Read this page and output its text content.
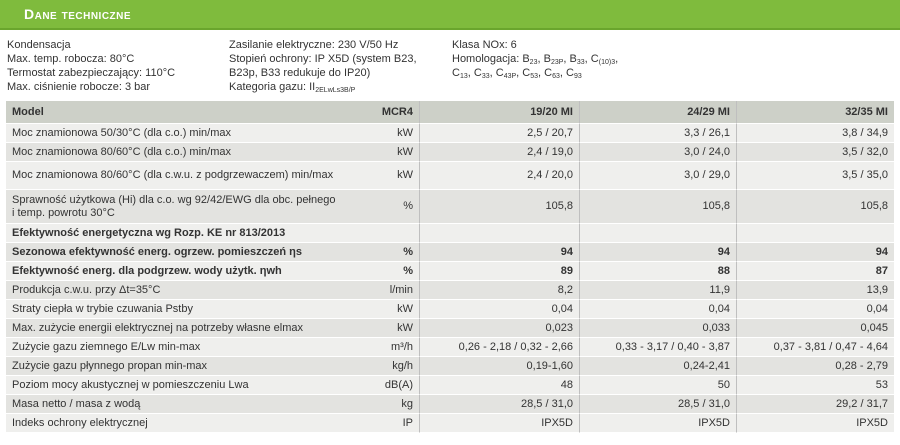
Dane techniczne
Kondensacja
Max. temp. robocza: 80°C
Termostat zabezpieczający: 110°C
Max. ciśnienie robocze: 3 bar
Zasilanie elektryczne: 230 V/50 Hz
Stopień ochrony: IP X5D (system B23,
B23p, B33 redukuje do IP20)
Kategoria gazu: $II_{2ELwLs3B/P}$
Klasa NOx: 6
Homologacja: $B_{23}$, $B_{23P}$, $B_{33}$, $C_{(10)3}$,
$C_{13}$, $C_{33}$, $C_{43P}$, $C_{53}$, $C_{63}$, $C_{93}$
Model	MCR4	19/20 MI	24/29 MI	32/35 MI
Moc znamionowa 50/30°C (dla c.o.) min/max	kW	2,5 / 20,7	3,3 / 26,1	3,8 / 34,9
Moc znamionowa 80/60°C (dla c.o.) min/max	kW	2,4 / 19,0	3,0 / 24,0	3,5 / 32,0
Moc znamionowa 80/60°C (dla c.w.u. z podgrzewaczem) min/max	kW	2,4 / 20,0	3,0 / 29,0	3,5 / 35,0
Sprawność użytkowa (Hi) dla c.o. wg 92/42/EWG dla obc. pełnego i temp. powrotu 30°C	%	105,8	105,8	105,8
Efektywność energetyczna wg Rozp. KE nr 813/2013				
Sezonowa efektywność energ. ogrzew. pomieszczeń ηs	%	94	94	94
Efektywność energ. dla podgrzew. wody użytk. ηwh	%	89	88	87
Produkcja c.w.u. przy Δt=35°C	l/min	8,2	11,9	13,9
Straty ciepła w trybie czuwania Pstby	kW	0,04	0,04	0,04
Max. zużycie energii elektrycznej na potrzeby własne elmax	kW	0,023	0,033	0,045
Zużycie gazu ziemnego E/Lw min-max	m³/h	0,26 - 2,18 / 0,32 - 2,66	0,33 - 3,17 / 0,40 - 3,87	0,37 - 3,81 / 0,47 - 4,64
Zużycie gazu płynnego propan min-max	kg/h	0,19-1,60	0,24-2,41	0,28 - 2,79
Poziom mocy akustycznej w pomieszczeniu Lwa	dB(A)	48	50	53
Masa netto / masa z wodą	kg	28,5 / 31,0	28,5 / 31,0	29,2 / 31,7
Indeks ochrony elektrycznej	IP	IPX5D	IPX5D	IPX5D
